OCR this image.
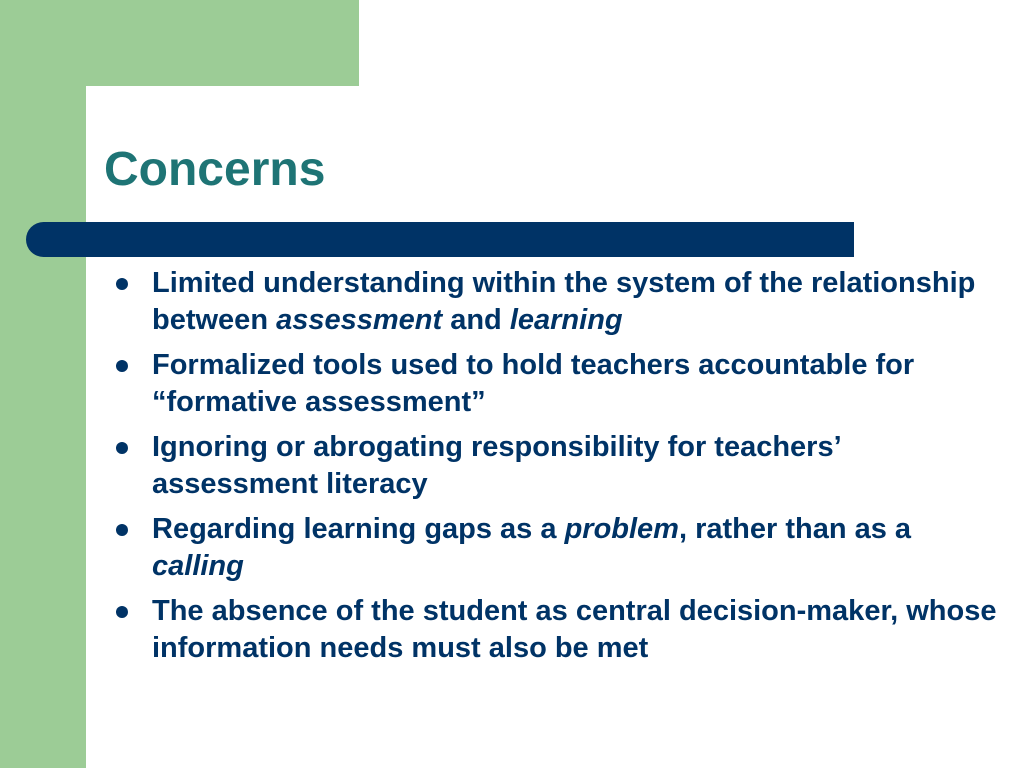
Concerns
Limited understanding within the system of the relationship between assessment and learning
Formalized tools used to hold teachers accountable for “formative assessment”
Ignoring or abrogating responsibility for teachers’ assessment literacy
Regarding learning gaps as a problem, rather than as a calling
The absence of the student as central decision-maker, whose information needs must also be met
